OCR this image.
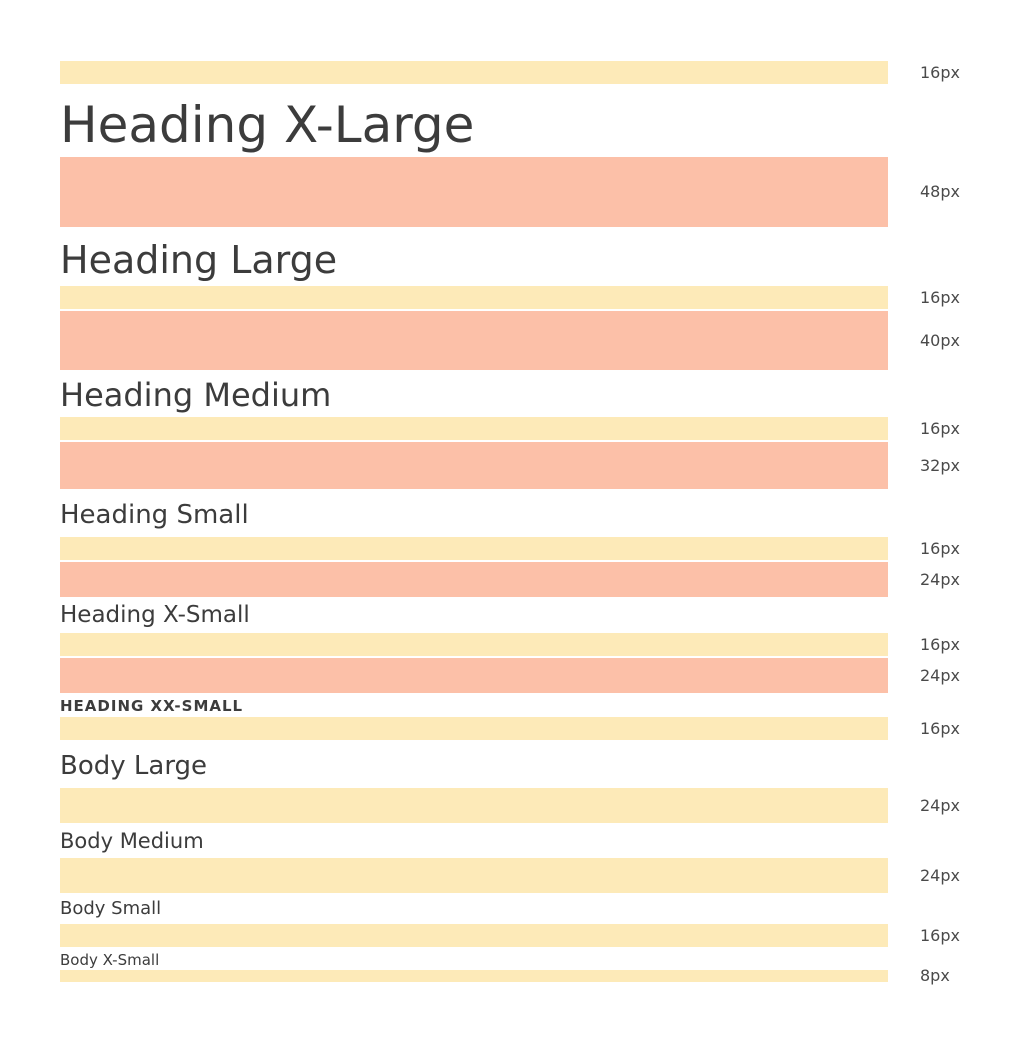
16px
Heading X-Large
48px
Heading Large
16px
40px
Heading Medium
16px
32px
Heading Small
16px
24px
Heading X-Small
16px
24px
HEADING XX-SMALL
16px
Body Large
24px
Body Medium
24px
Body Small
16px
Body X-Small
8px
